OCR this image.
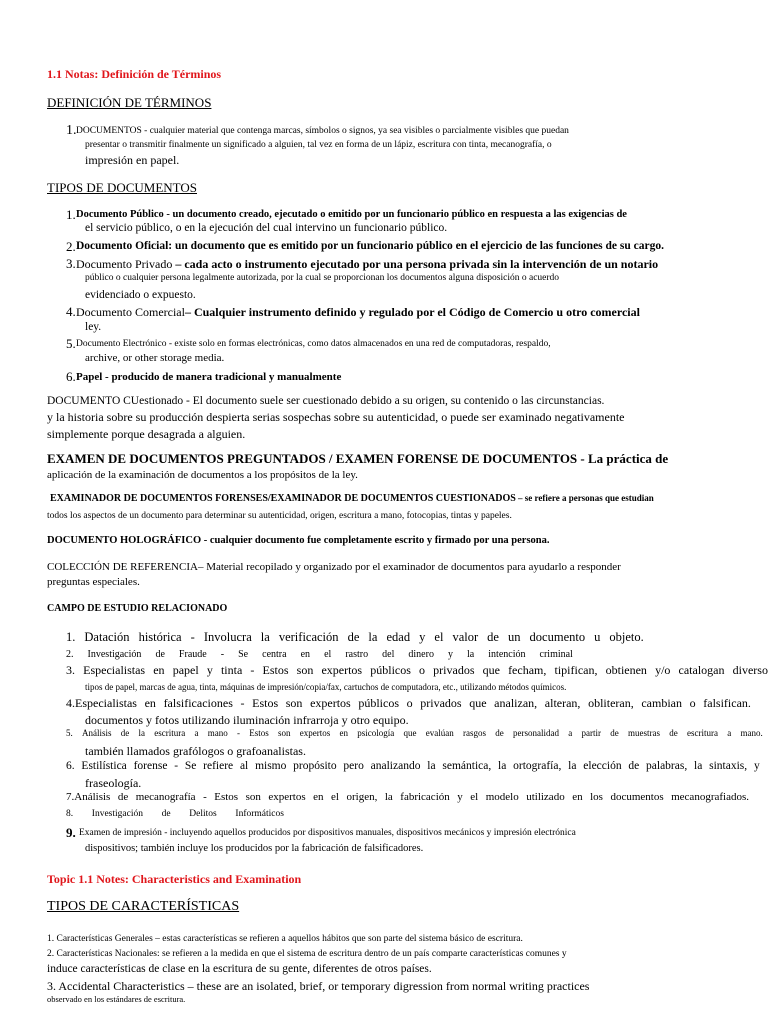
1.1 Notas: Definición de Términos
DEFINICIÓN DE TÉRMINOS
1. DOCUMENTOS - cualquier material que contenga marcas, símbolos o signos, ya sea visibles o parcialmente visibles que puedan
presentar o transmitir finalmente un significado a alguien, tal vez en forma de un lápiz, escritura con tinta, mecanografía, o
impresión en papel.
TIPOS DE DOCUMENTOS
1. Documento Público - un documento creado, ejecutado o emitido por un funcionario público en respuesta a las exigencias de
el servicio público, o en la ejecución del cual intervino un funcionario público.
2. Documento Oficial: un documento que es emitido por un funcionario público en el ejercicio de las funciones de su cargo.
3. Documento Privado – cada acto o instrumento ejecutado por una persona privada sin la intervención de un notario
público o cualquier persona legalmente autorizada, por la cual se proporcionan los documentos alguna disposición o acuerdo
evidenciado o expuesto.
4. Documento Comercial– Cualquier instrumento definido y regulado por el Código de Comercio u otro comercial
ley.
5. Documento Electrónico - existe solo en formas electrónicas, como datos almacenados en una red de computadoras, respaldo,
archive, or other storage media.
6. Papel - producido de manera tradicional y manualmente
DOCUMENTO CUestionado - El documento suele ser cuestionado debido a su origen, su contenido o las circunstancias.
y la historia sobre su producción despierta serias sospechas sobre su autenticidad, o puede ser examinado negativamente
simplemente porque desagrada a alguien.
EXAMEN DE DOCUMENTOS PREGUNTADOS / EXAMEN FORENSE DE DOCUMENTOS - La práctica de
aplicación de la examinación de documentos a los propósitos de la ley.
EXAMINADOR DE DOCUMENTOS FORENSES/EXAMINADOR DE DOCUMENTOS CUESTIONADOS – se refiere a personas que estudian
todos los aspectos de un documento para determinar su autenticidad, origen, escritura a mano, fotocopias, tintas y papeles.
DOCUMENTO HOLOGRÁFICO - cualquier documento fue completamente escrito y firmado por una persona.
COLECCIÓN DE REFERENCIA– Material recopilado y organizado por el examinador de documentos para ayudarlo a responder
preguntas especiales.
CAMPO DE ESTUDIO RELACIONADO
1. Datación histórica - Involucra la verificación de la edad y el valor de un documento u objeto.
2. Investigación de Fraude - Se centra en el rastro del dinero y la intención criminal
3. Especialistas en papel y tinta - Estos son expertos públicos o privados que fecham, tipifican, obtienen y/o catalogan diverso
tipos de papel, marcas de agua, tinta, máquinas de impresión/copia/fax, cartuchos de computadora, etc., utilizando métodos químicos.
4.Especialistas en falsificaciones - Estos son expertos públicos o privados que analizan, alteran, obliteran, cambian o falsifican.
documentos y fotos utilizando iluminación infrarroja y otro equipo.
5. Análisis de la escritura a mano - Estos son expertos en psicología que evalúan rasgos de personalidad a partir de muestras de escritura a mano.
también llamados grafólogos o grafoanalistas.
6. Estilística forense - Se refiere al mismo propósito pero analizando la semántica, la ortografía, la elección de palabras, la sintaxis, y
fraseología.
7.Análisis de mecanografía - Estos son expertos en el origen, la fabricación y el modelo utilizado en los documentos mecanografiados.
8. Investigación de Delitos Informáticos
9. Examen de impresión - incluyendo aquellos producidos por dispositivos manuales, dispositivos mecánicos y impresión electrónica
dispositivos; también incluye los producidos por la fabricación de falsificadores.
Topic 1.1 Notes: Characteristics and Examination
TIPOS DE CARACTERÍSTICAS
1. Características Generales – estas características se refieren a aquellos hábitos que son parte del sistema básico de escritura.
2. Características Nacionales: se refieren a la medida en que el sistema de escritura dentro de un país comparte características comunes y
induce características de clase en la escritura de su gente, diferentes de otros países.
3. Accidental Characteristics – these are an isolated, brief, or temporary digression from normal writing practices
observado en los estándares de escritura.
